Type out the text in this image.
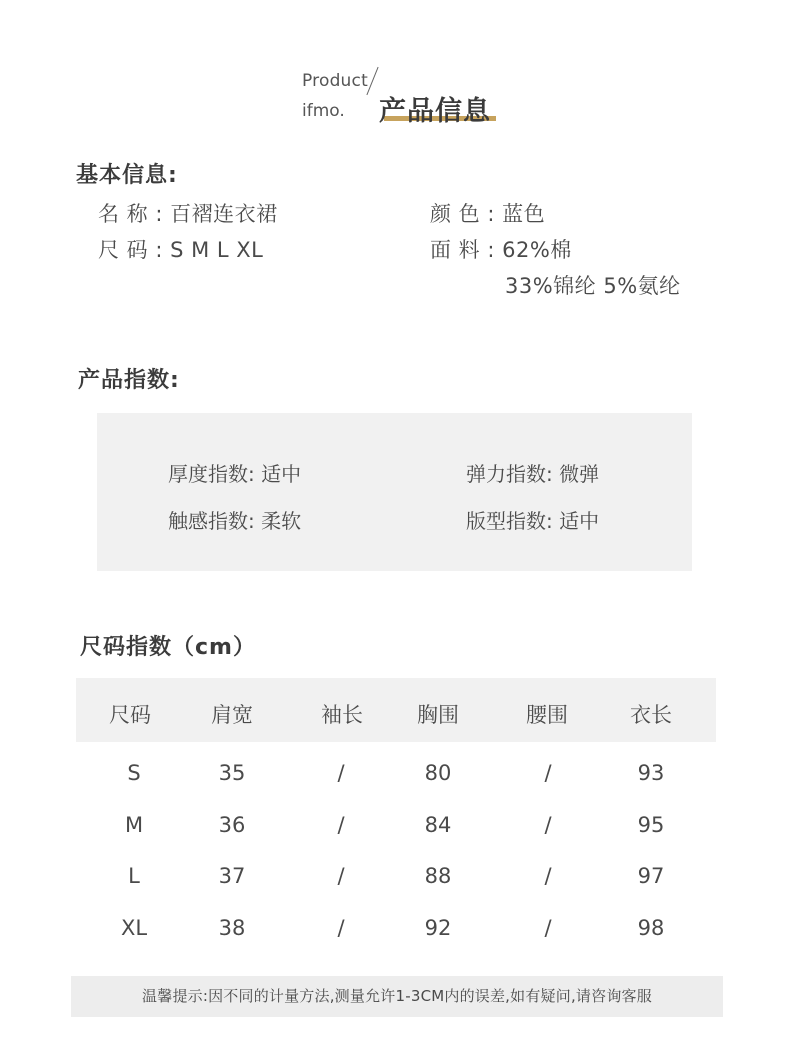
Product
ifmo. 产品信息
基本信息:
名 称 : 百褶连衣裙	颜 色 : 蓝色
尺 码 : S M L XL	面 料 : 62%棉
33%锦纶 5%氨纶
产品指数:
厚度指数: 适中	弹力指数: 微弹
触感指数: 柔软	版型指数: 适中
尺码指数（cm）
尺码	肩宽	袖长	胸围	腰围	衣长
S	35	/	80	/	93
M	36	/	84	/	95
L	37	/	88	/	97
XL	38	/	92	/	98
温馨提示:因不同的计量方法,测量允许1-3CM内的误差,如有疑问,请咨询客服
